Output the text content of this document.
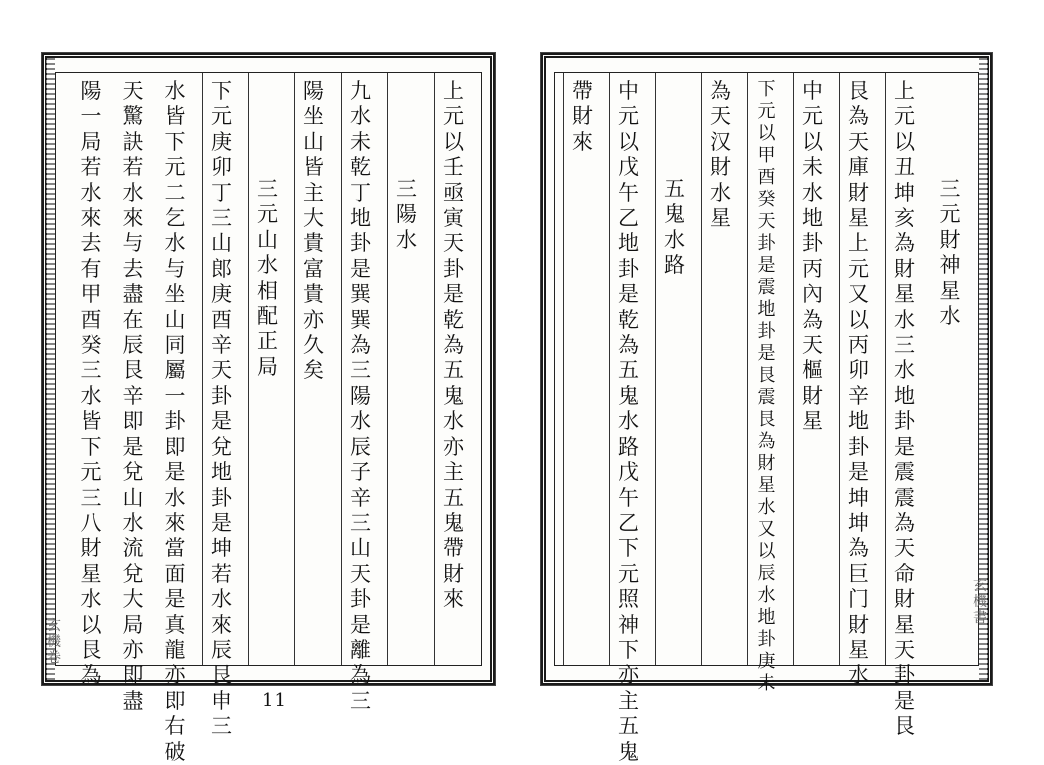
上元以壬亟寅天卦是乾為五鬼水亦主五鬼帶財來
三陽水
九水未乾丁地卦是巽巽為三陽水　辰子辛三山天卦是離為三
陽坐山皆主大貴富貴亦久矣
三元山水相配正局
下元庚卯丁三山郎庚酉辛天卦是兌地卦是坤若水來辰艮申三
水皆下元二乞水与坐山同屬一卦即是水來當面是真龍亦即右破
天驚訣若水來与去盡在辰艮辛即是兌山水流兌大局亦即盡
陽一局　若水來去有甲酉癸三水皆下元三八財星水以艮為
玄機卷
三元財神星水
上元以丑坤亥為財星水三水地卦是震震為天命財星天卦是艮
艮為天庫財星　上元又以丙卯辛地卦是坤坤為巨门財星水
中元以未水地卦丙內為天樞財星
下元以甲酉癸天卦是震地卦是艮震艮為財星水又以辰水地卦庚未
為天汉財水星
五鬼水路
中元以戊午乙地卦是乾為五鬼水路戊午乙下元照神下亦主五鬼
帶財來
玄機書
11
